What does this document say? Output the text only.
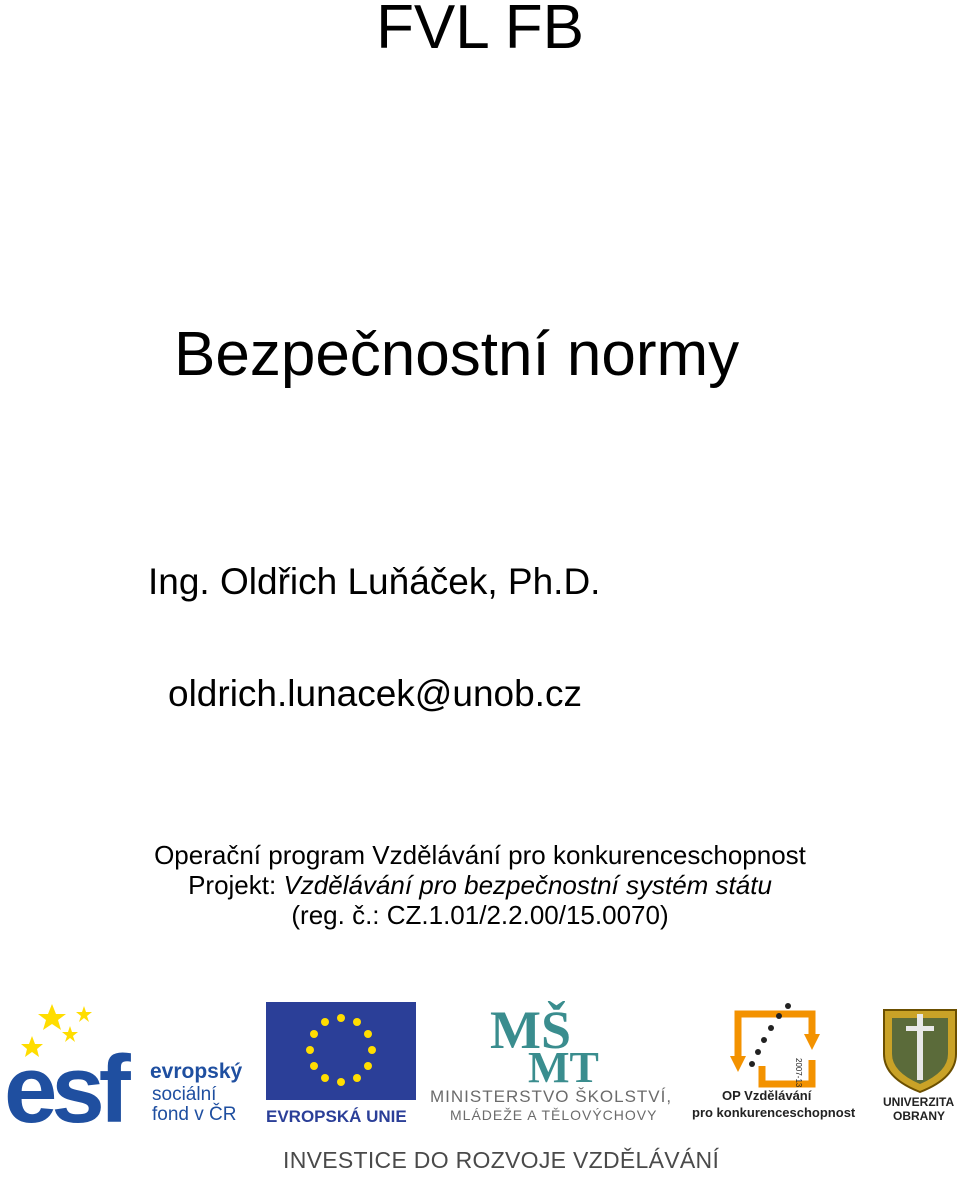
FVL FB
Bezpečnostní normy
Ing. Oldřich Luňáček, Ph.D.
oldrich.lunacek@unob.cz
Operační program Vzdělávání pro konkurenceschopnost
Projekt: Vzdělávání pro bezpečnostní systém státu
(reg. č.: CZ.1.01/2.2.00/15.0070)
esf	evropský
sociální
fond v ČR EVROPSKÁ UNIE
MŠ
MT
MINISTERSTVO ŠKOLSTVÍ,
MLÁDEŽE A TĚLOVÝCHOVY
2007-13
OP Vzdělávání
pro konkurenceschopnost
UNIVERZITA
OBRANY
INVESTICE DO ROZVOJE VZDĚLÁVÁNÍ
